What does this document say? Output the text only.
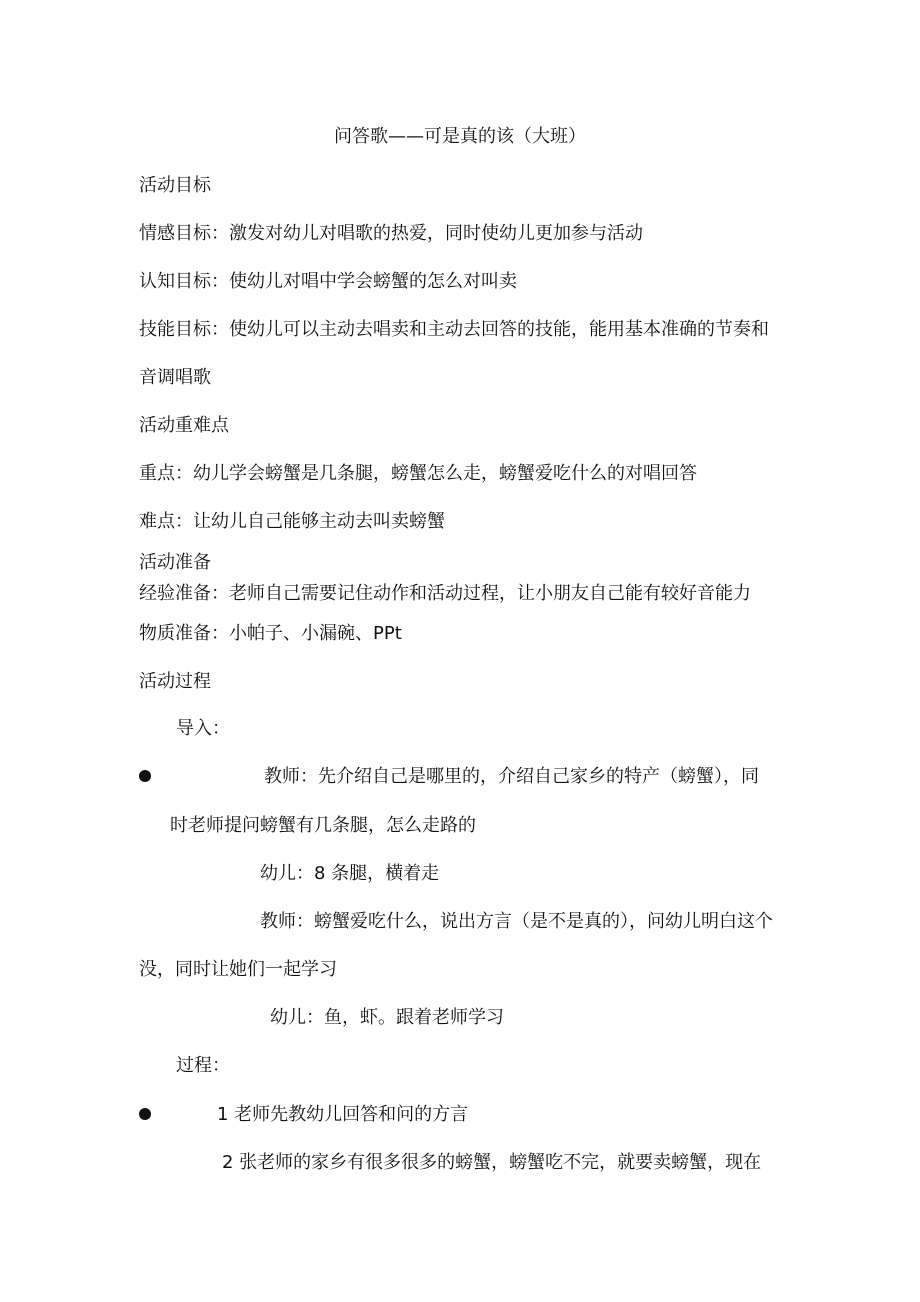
问答歌——可是真的该（大班）
活动目标
情感目标：激发对幼儿对唱歌的热爱，同时使幼儿更加参与活动
认知目标：使幼儿对唱中学会螃蟹的怎么对叫卖
技能目标：使幼儿可以主动去唱卖和主动去回答的技能，能用基本准确的节奏和
音调唱歌
活动重难点
重点：幼儿学会螃蟹是几条腿，螃蟹怎么走，螃蟹爱吃什么的对唱回答
难点：让幼儿自己能够主动去叫卖螃蟹
活动准备
经验准备：老师自己需要记住动作和活动过程，让小朋友自己能有较好音能力
物质准备：小帕子、小漏碗、PPt
活动过程
导入：
教师：先介绍自己是哪里的，介绍自己家乡的特产（螃蟹），同
时老师提问螃蟹有几条腿，怎么走路的
幼儿：8 条腿，横着走
教师：螃蟹爱吃什么，说出方言（是不是真的），问幼儿明白这个
没，同时让她们一起学习
幼儿：鱼，虾。跟着老师学习
过程：
1 老师先教幼儿回答和问的方言
2 张老师的家乡有很多很多的螃蟹，螃蟹吃不完，就要卖螃蟹，现在
